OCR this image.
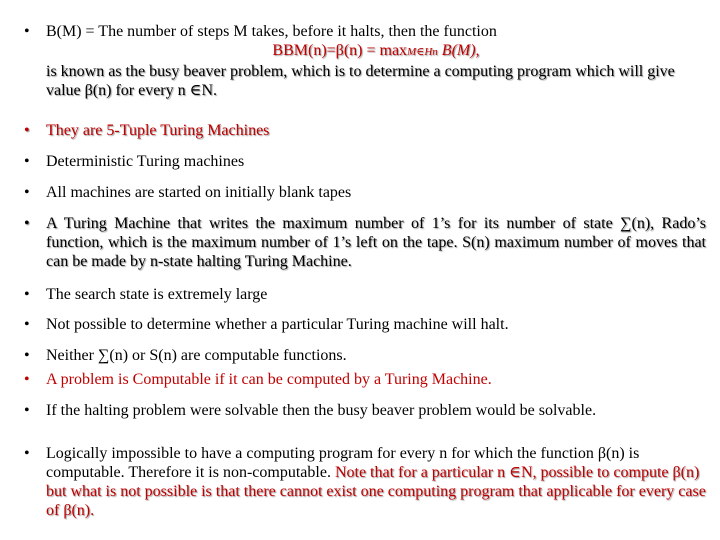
•	B(M) = The number of steps M takes, before it halts, then the function
BBM(n)=β(n) = maxM∈Hn B(M),
is known as the busy beaver problem, which is to determine a computing program which will give value β(n) for every n ∈N.
•	They are 5-Tuple Turing Machines
•	Deterministic Turing machines
•	All machines are started on initially blank tapes
•	A Turing Machine that writes the maximum number of 1’s for its number of state ∑(n), Rado’s function, which is the maximum number of 1’s left on the tape. S(n) maximum number of moves that can be made by n-state halting Turing Machine.
•	The search state is extremely large
•	Not possible to determine whether a particular Turing machine will halt.
•	Neither ∑(n) or S(n) are computable functions.
•	A problem is Computable if it can be computed by a Turing Machine.
•	If the halting problem were solvable then the busy beaver problem would be solvable.
•	Logically impossible to have a computing program for every n for which the function β(n) is computable. Therefore it is non-computable. Note that for a particular n ∈N, possible to compute β(n) but what is not possible is that there cannot exist one computing program that applicable for every case of β(n).
